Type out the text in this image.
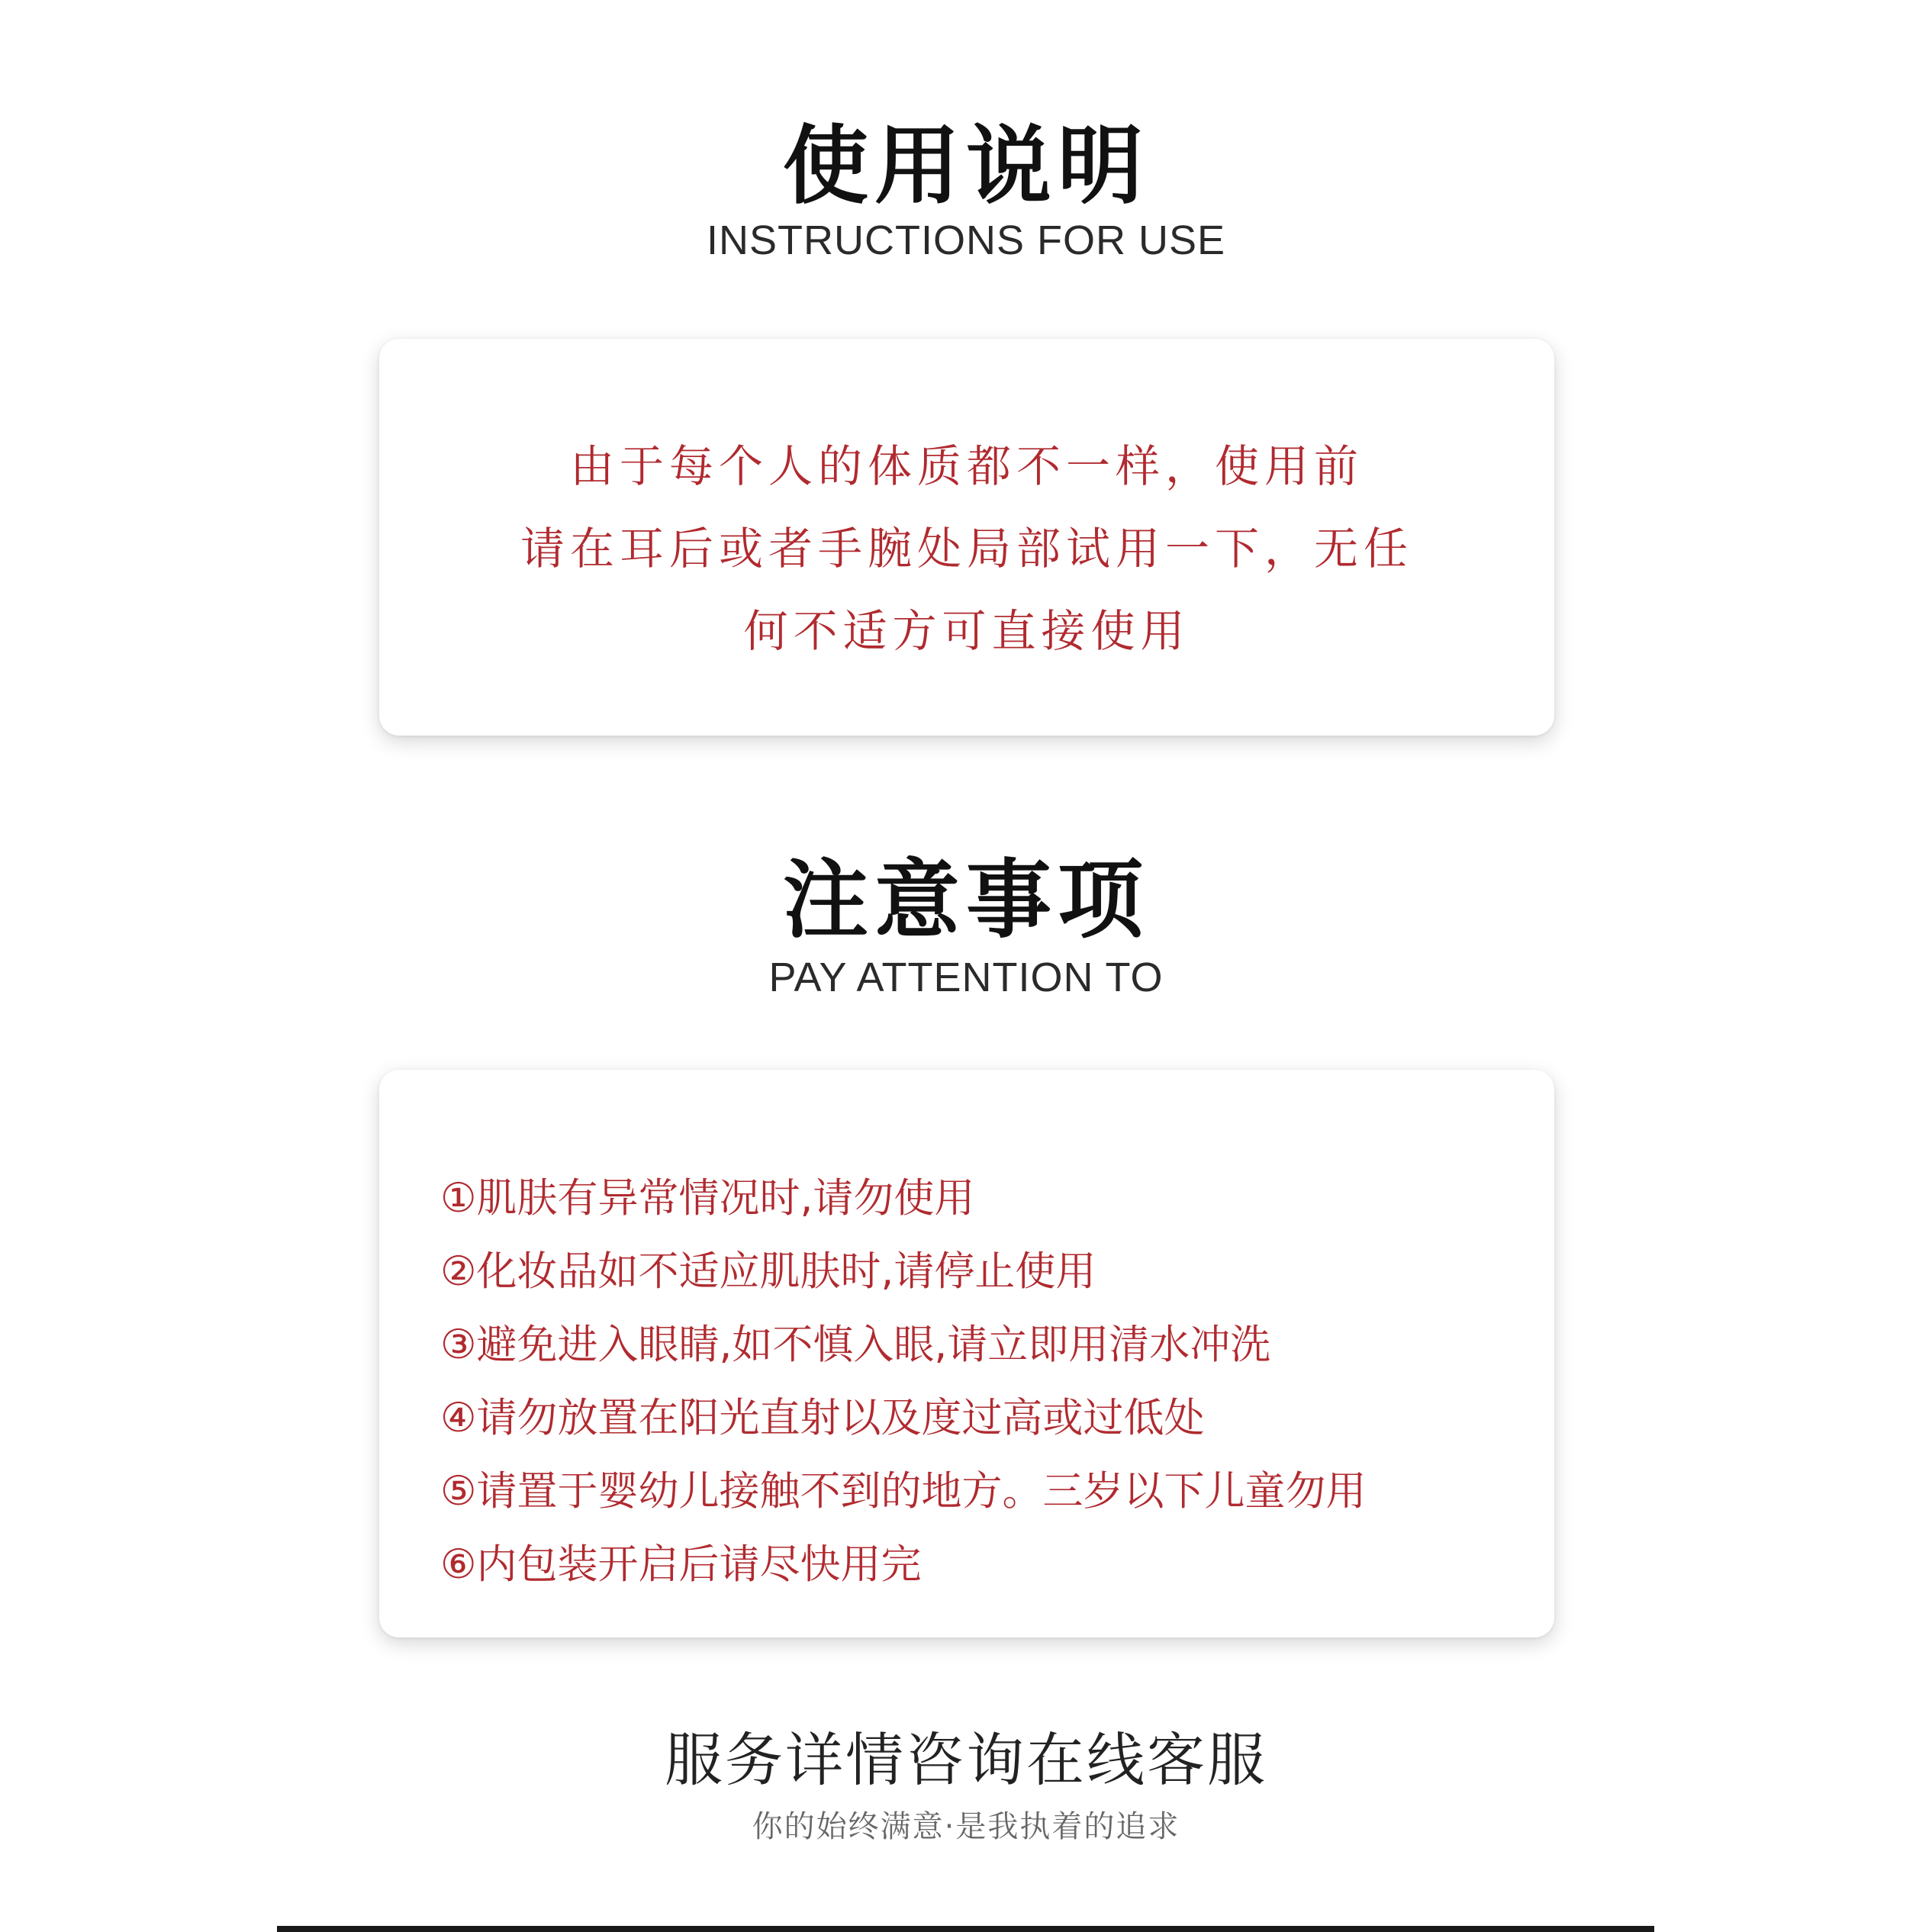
使用说明
INSTRUCTIONS FOR USE
由于每个人的体质都不一样，使用前
请在耳后或者手腕处局部试用一下，无任
何不适方可直接使用
注意事项
PAY ATTENTION TO
①肌肤有异常情况时,请勿使用
②化妆品如不适应肌肤时,请停止使用
③避免进入眼睛,如不慎入眼,请立即用清水冲洗
④请勿放置在阳光直射以及度过高或过低处
⑤请置于婴幼儿接触不到的地方。三岁以下儿童勿用
⑥内包装开启后请尽快用完
服务详情咨询在线客服
你的始终满意·是我执着的追求
